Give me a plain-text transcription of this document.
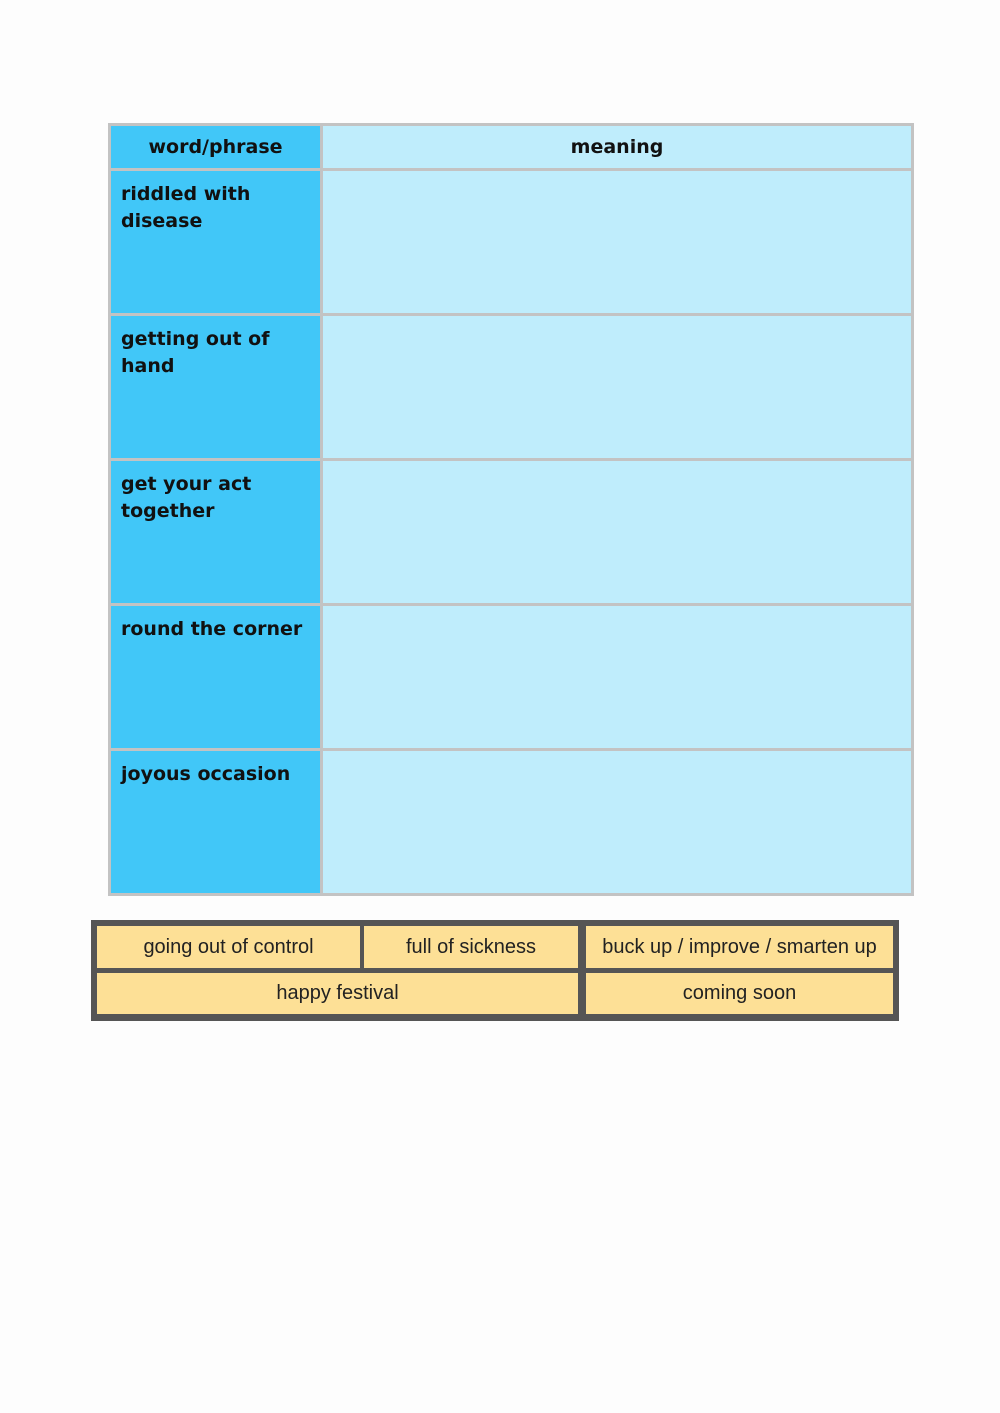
word/phrase	meaning
riddled with disease	
getting out of hand	
get your act together	
round the corner	
joyous occasion	
going out of control	full of sickness	buck up / improve / smarten up
happy festival	coming soon
